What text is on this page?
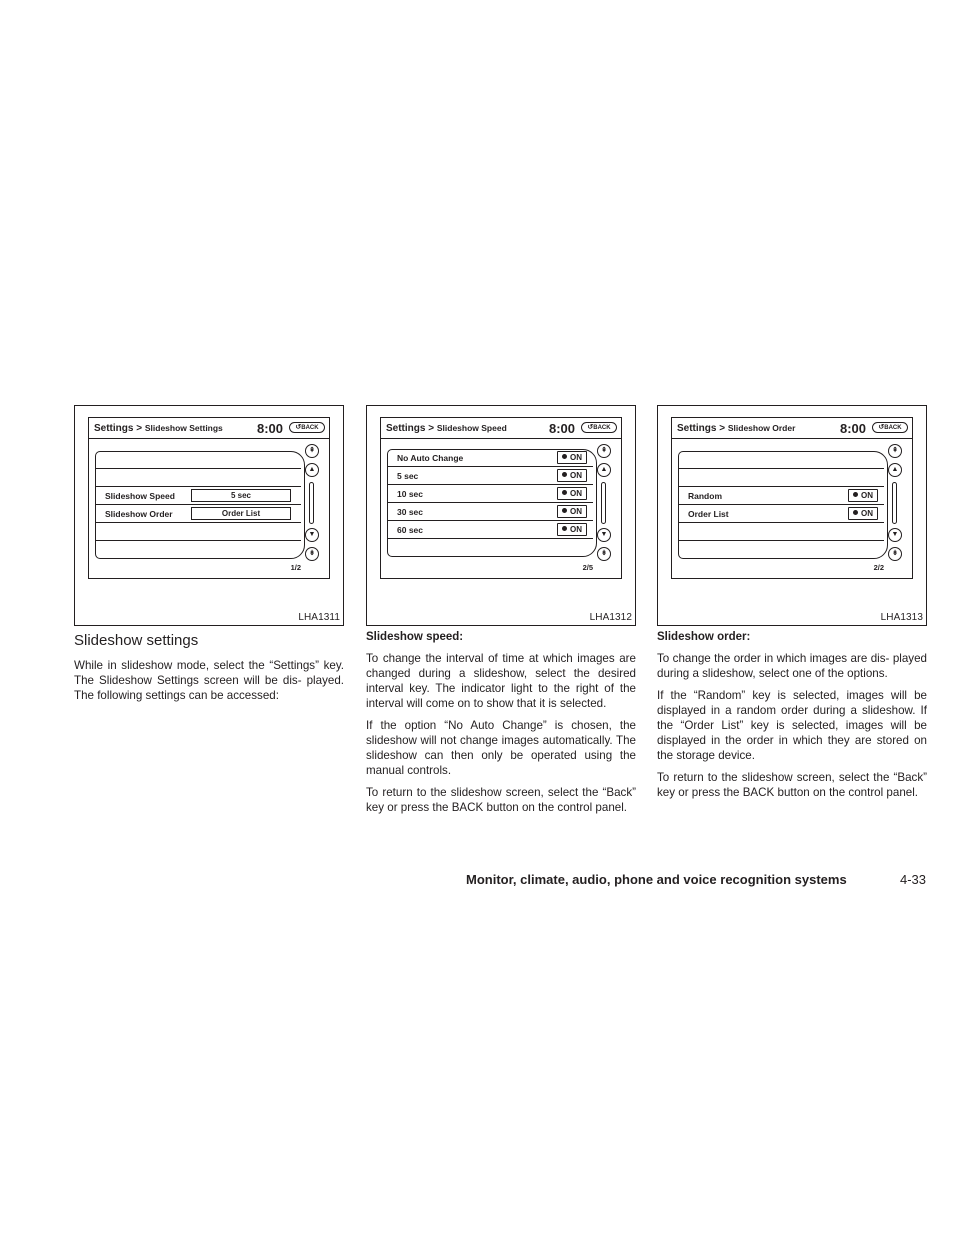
Settings > Slideshow Settings	8:00	↺BACK
Slideshow Speed	5 sec
Slideshow Order	Order List
⇞
▲
▼
⇟
1/2
LHA1311
Slideshow settings

While in slideshow mode, select the “Settings” key. The Slideshow Settings screen will be dis- played. The following settings can be accessed:

Settings > Slideshow Speed	8:00	↺BACK
No Auto Change	ON
5 sec	ON
10 sec	ON
30 sec	ON
60 sec	ON
⇞
▲
▼
⇟
2/5
LHA1312
Slideshow speed:

To change the interval of time at which images are changed during a slideshow, select the desired interval key. The indicator light to the right of the interval will come on to show that it is selected.

If the option “No Auto Change” is chosen, the slideshow will not change images automatically. The slideshow can then only be operated using the manual controls.

To return to the slideshow screen, select the “Back” key or press the BACK button on the control panel.

Settings > Slideshow Order	8:00	↺BACK
Random	ON
Order List	ON
⇞
▲
▼
⇟
2/2
LHA1313
Slideshow order:

To change the order in which images are dis- played during a slideshow, select one of the options.

If the “Random” key is selected, images will be displayed in a random order during a slideshow. If the “Order List” key is selected, images will be displayed in the order in which they are stored on the storage device.

To return to the slideshow screen, select the “Back” key or press the BACK button on the control panel.

Monitor, climate, audio, phone and voice recognition systems	4-33
